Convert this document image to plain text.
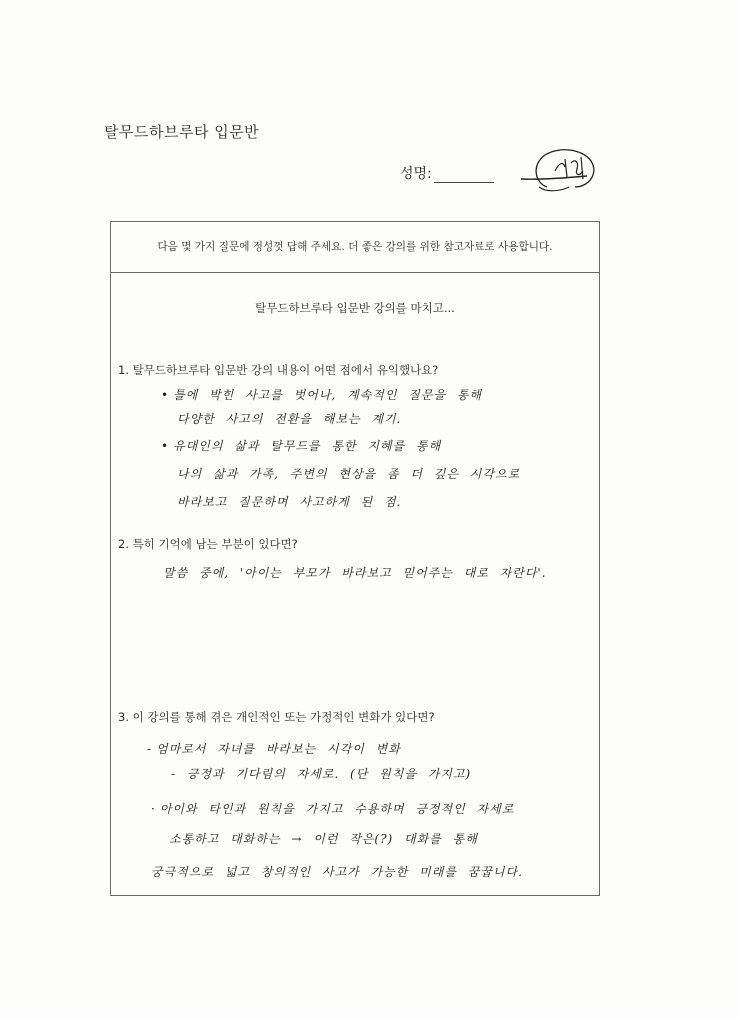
탈무드하브루타 입문반
성명:
다음 몇 가지 질문에 정성껏 답해 주세요. 더 좋은 강의를 위한 참고자료로 사용합니다.
탈무드하브루타 입문반 강의를 마치고...
1. 탈무드하브루타 입문반 강의 내용이 어떤 점에서 유익했나요?
• 틀에 박힌 사고를 벗어나, 계속적인 질문을 통해
다양한 사고의 전환을 해보는 계기.
• 유대인의 삶과 탈무드를 통한 지혜를 통해
나의 삶과 가족, 주변의 현상을 좀 더 깊은 시각으로
바라보고 질문하며 사고하게 된 점.
2. 특히 기억에 남는 부분이 있다면?
말씀 중에, '아이는 부모가 바라보고 믿어주는 대로 자란다'.
3. 이 강의를 통해 겪은 개인적인 또는 가정적인 변화가 있다면?
- 엄마로서 자녀를 바라보는 시각이 변화
- 긍정과 기다림의 자세로. (단 원칙을 가지고)
· 아이와 타인과 원칙을 가지고 수용하며 긍정적인 자세로
소통하고 대화하는 → 이런 작은(?) 대화를 통해
궁극적으로 넓고 창의적인 사고가 가능한 미래를 꿈꿉니다.
